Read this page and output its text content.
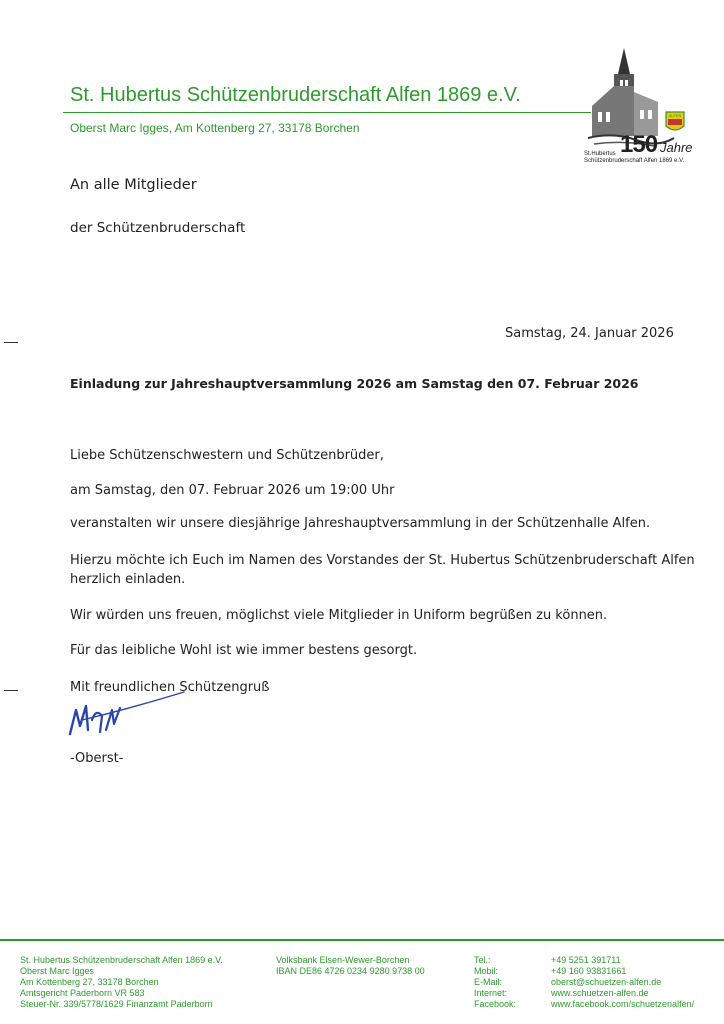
St. Hubertus Schützenbruderschaft Alfen 1869 e.V.
Oberst Marc Igges, Am Kottenberg 27, 33178 Borchen
ALFEN
St.Hubertus
Schützenbruderschaft Alfen 1869 e.V.
150 Jahre
An alle Mitglieder
der Schützenbruderschaft
Samstag, 24. Januar 2026
Einladung zur Jahreshauptversammlung 2026 am Samstag den 07. Februar 2026
Liebe Schützenschwestern und Schützenbrüder,
am Samstag, den 07. Februar 2026 um 19:00 Uhr
veranstalten wir unsere diesjährige Jahreshauptversammlung in der Schützenhalle Alfen.
Hierzu möchte ich Euch im Namen des Vorstandes der St. Hubertus Schützenbruderschaft Alfen
herzlich einladen.
Wir würden uns freuen, möglichst viele Mitglieder in Uniform begrüßen zu können.
Für das leibliche Wohl ist wie immer bestens gesorgt.
Mit freundlichen Schützengruß
-Oberst-
St. Hubertus Schützenbruderschaft Alfen 1869 e.V.
Oberst Marc Igges
Am Kottenberg 27, 33178 Borchen
Amtsgericht Paderborn VR 583
Steuer-Nr. 339/5778/1629 Finanzamt Paderborn
Volksbank Elsen-Wewer-Borchen
IBAN DE86 4726 0234 9280 9738 00
Tel.:
Mobil:
E-Mail:
Internet:
Facebook:
+49 5251 391711
+49 160 93831661
oberst@schuetzen-alfen.de
www.schuetzen-alfen.de
www.facebook.com/schuetzenalfen/
